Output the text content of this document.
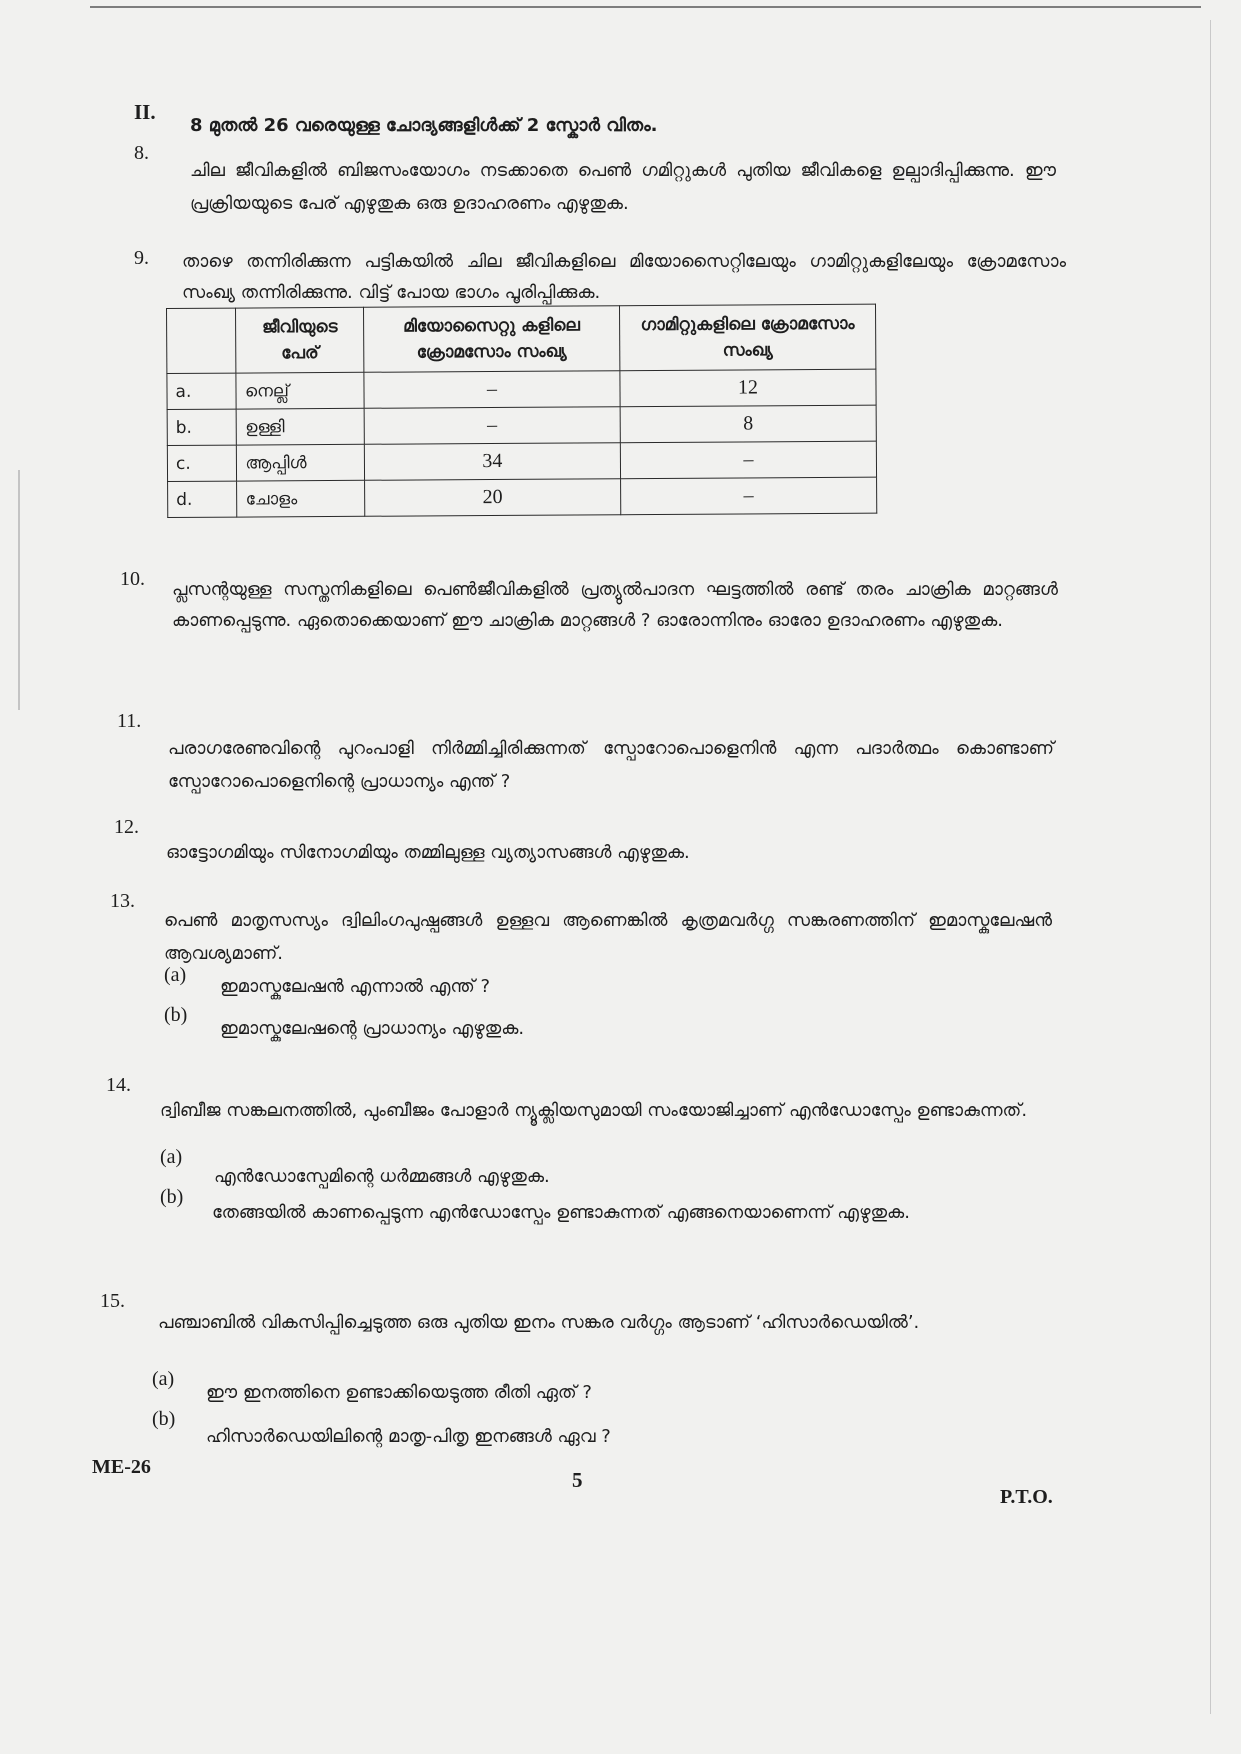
II.
8 മുതൽ 26 വരെയുള്ള ചോദ്യങ്ങളിൾക്ക് 2 സ്കോർ വിതം.
8.
ചില ജീവികളിൽ ബിജസംയോഗം നടക്കാതെ പെൺ ഗമിറ്റുകൾ പുതിയ ജീവികളെ ഉല്പാദിപ്പിക്കുന്നു. ഈ പ്രക്രിയയുടെ പേര് എഴുതുക ഒരു ഉദാഹരണം എഴുതുക.
9. താഴെ തന്നിരിക്കുന്ന പട്ടികയിൽ ചില ജീവികളിലെ മിയോസൈറ്റിലേയും ഗാമിറ്റുകളിലേയും ക്രോമസോം സംഖ്യ തന്നിരിക്കുന്നു. വിട്ട് പോയ ഭാഗം പൂരിപ്പിക്കുക.
	ജീവിയുടെ പേര്	മിയോസൈറ്റു കളിലെ ക്രോമസോം സംഖ്യ	ഗാമിറ്റുകളിലെ ക്രോമസോം സംഖ്യ
a.	നെല്ല്	–	12
b.	ഉള്ളി	–	8
c.	ആപ്പിൾ	34	–
d.	ചോളം	20	–
10. പ്ലസന്റയുള്ള സസ്തനികളിലെ പെൺജീവികളിൽ പ്രത്യുൽപാദന ഘട്ടത്തിൽ രണ്ട് തരം ചാക്രിക മാറ്റങ്ങൾ കാണപ്പെടുന്നു. ഏതൊക്കെയാണ് ഈ ചാക്രിക മാറ്റങ്ങൾ ? ഓരോന്നിനും ഓരോ ഉദാഹരണം എഴുതുക.
11.
പരാഗരേണുവിന്റെ പുറംപാളി നിർമ്മിച്ചിരിക്കുന്നത് സ്പോറോപൊളെനിൻ എന്ന പദാർത്ഥം കൊണ്ടാണ് സ്പോറോപൊളെനിന്റെ പ്രാധാന്യം എന്ത് ?
12.
ഓട്ടോഗമിയും സിനോഗമിയും തമ്മിലുള്ള വ്യത്യാസങ്ങൾ എഴുതുക.
13.
പെൺ മാതൃസസ്യം ദ്വിലിംഗപുഷ്പങ്ങൾ ഉള്ളവ ആണെങ്കിൽ കൃത്രമവർഗ്ഗ സങ്കരണത്തിന് ഇമാസ്കുലേഷൻ ആവശ്യമാണ്.
(a)
ഇമാസ്കുലേഷൻ എന്നാൽ എന്ത് ?
(b)
ഇമാസ്കുലേഷന്റെ പ്രാധാന്യം എഴുതുക.
14.
ദ്വിബീജ സങ്കലനത്തിൽ, പുംബീജം പോളാർ ന്യൂക്ലിയസുമായി സംയോജിച്ചാണ് എൻഡോസ്പേം ഉണ്ടാകുന്നത്.
(a)
എൻഡോസ്പേമിന്റെ ധർമ്മങ്ങൾ എഴുതുക.
(b)
തേങ്ങയിൽ കാണപ്പെടുന്ന എൻഡോസ്പേം ഉണ്ടാകുന്നത് എങ്ങനെയാണെന്ന് എഴുതുക.
15.
പഞ്ചാബിൽ വികസിപ്പിച്ചെടുത്ത ഒരു പുതിയ ഇനം സങ്കര വർഗ്ഗം ആടാണ് ‘ഹിസാർഡെയിൽ’.
(a)
ഈ ഇനത്തിനെ ഉണ്ടാക്കിയെടുത്ത രീതി ഏത് ?
(b)
ഹിസാർഡെയിലിന്റെ മാതൃ-പിതൃ ഇനങ്ങൾ ഏവ ?
ME-26
5
P.T.O.
